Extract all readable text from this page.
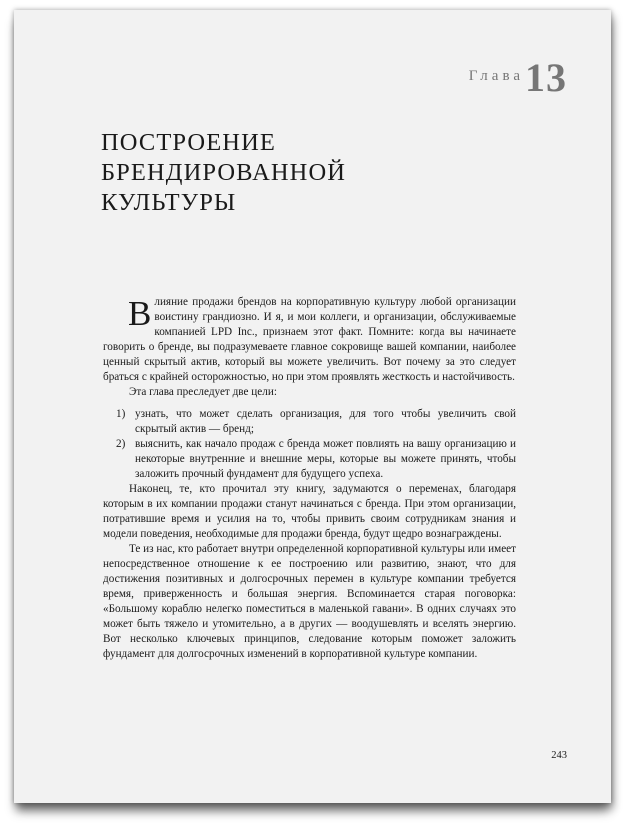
Глава13
ПОСТРОЕНИЕ
БРЕНДИРОВАННОЙ
КУЛЬТУРЫ

Влияние продажи брендов на корпоративную культуру любой организации воистину грандиозно. И я, и мои коллеги, и организации, обслуживаемые компанией LPD Inc., признаем этот факт. Помните: когда вы начинаете говорить о бренде, вы подразумеваете главное сокровище вашей компании, наиболее ценный скрытый актив, который вы можете увеличить. Вот почему за это следует браться с крайней осторожностью, но при этом проявлять жесткость и настойчивость.

Эта глава преследует две цели:

1) узнать, что может сделать организация, для того чтобы увеличить свой скрытый актив — бренд;
2) выяснить, как начало продаж с бренда может повлиять на вашу организацию и некоторые внутренние и внешние меры, которые вы можете принять, чтобы заложить прочный фундамент для будущего успеха.

Наконец, те, кто прочитал эту книгу, задумаются о переменах, благодаря которым в их компании продажи станут начинаться с бренда. При этом организации, потратившие время и усилия на то, чтобы привить своим сотрудникам знания и модели поведения, необходимые для продажи бренда, будут щедро вознаграждены.

Те из нас, кто работает внутри определенной корпоративной культуры или имеет непосредственное отношение к ее построению или развитию, знают, что для достижения позитивных и долгосрочных перемен в культуре компании требуется время, приверженность и большая энергия. Вспоминается старая поговорка: «Большому кораблю нелегко поместиться в маленькой гавани». В одних случаях это может быть тяжело и утомительно, а в других — воодушевлять и вселять энергию. Вот несколько ключевых принципов, следование которым поможет заложить фундамент для долгосрочных изменений в корпоративной культуре компании.

243
